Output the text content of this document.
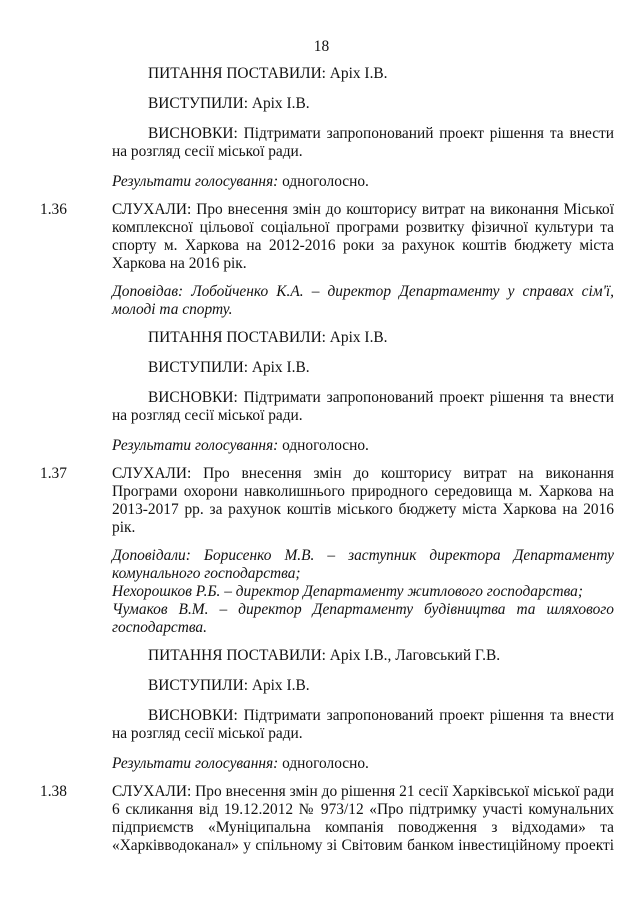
18
ПИТАННЯ ПОСТАВИЛИ: Аріх І.В.
ВИСТУПИЛИ: Аріх І.В.
ВИСНОВКИ: Підтримати запропонований проект рішення та внести
на розгляд сесії міської ради.
Результати голосування: одноголосно.
1.36	СЛУХАЛИ: Про внесення змін до кошторису витрат на виконання Міської
комплексної цільової соціальної програми розвитку фізичної культури та
спорту м. Харкова на 2012-2016 роки за рахунок коштів бюджету міста
Харкова на 2016 рік.
Доповідав: Лобойченко К.А. – директор Департаменту у справах сім'ї,
молоді та спорту.
ПИТАННЯ ПОСТАВИЛИ: Аріх І.В.
ВИСТУПИЛИ: Аріх І.В.
ВИСНОВКИ: Підтримати запропонований проект рішення та внести
на розгляд сесії міської ради.
Результати голосування: одноголосно.
1.37	СЛУХАЛИ: Про внесення змін до кошторису витрат на виконання
Програми охорони навколишнього природного середовища м. Харкова на
2013-2017 рр. за рахунок коштів міського бюджету міста Харкова на 2016
рік.
Доповідали: Борисенко М.В. – заступник директора Департаменту
комунального господарства;
Нехорошков Р.Б. – директор Департаменту житлового господарства;
Чумаков В.М. – директор Департаменту будівництва та шляхового
господарства.
ПИТАННЯ ПОСТАВИЛИ: Аріх І.В., Лаговський Г.В.
ВИСТУПИЛИ: Аріх І.В.
ВИСНОВКИ: Підтримати запропонований проект рішення та внести
на розгляд сесії міської ради.
Результати голосування: одноголосно.
1.38	СЛУХАЛИ: Про внесення змін до рішення 21 сесії Харківської міської ради
6 скликання від 19.12.2012 № 973/12 «Про підтримку участі комунальних
підприємств «Муніципальна компанія поводження з відходами» та
«Харківводоканал» у спільному зі Світовим банком інвестиційному проекті
